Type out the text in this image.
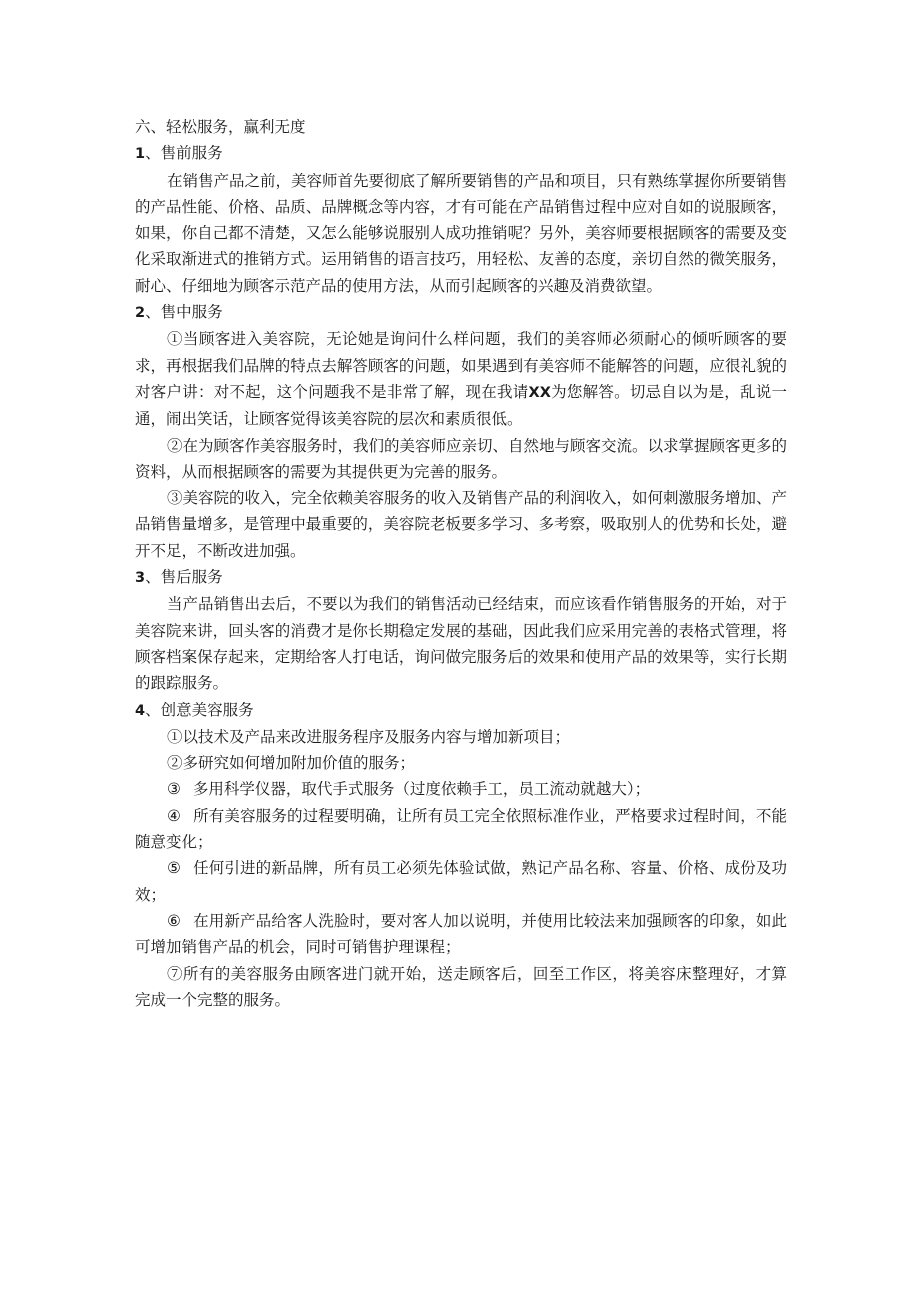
六、轻松服务，赢利无度

1、售前服务

在销售产品之前，美容师首先要彻底了解所要销售的产品和项目，只有熟练掌握你所要销售的产品性能、价格、品质、品牌概念等内容，才有可能在产品销售过程中应对自如的说服顾客，如果，你自己都不清楚，又怎么能够说服别人成功推销呢？另外，美容师要根据顾客的需要及变化采取渐进式的推销方式。运用销售的语言技巧，用轻松、友善的态度，亲切自然的微笑服务，耐心、仔细地为顾客示范产品的使用方法，从而引起顾客的兴趣及消费欲望。

2、售中服务

①当顾客进入美容院，无论她是询问什么样问题，我们的美容师必须耐心的倾听顾客的要求，再根据我们品牌的特点去解答顾客的问题，如果遇到有美容师不能解答的问题，应很礼貌的对客户讲：对不起，这个问题我不是非常了解，现在我请XX为您解答。切忌自以为是，乱说一通，闹出笑话，让顾客觉得该美容院的层次和素质很低。

②在为顾客作美容服务时，我们的美容师应亲切、自然地与顾客交流。以求掌握顾客更多的资料，从而根据顾客的需要为其提供更为完善的服务。

③美容院的收入，完全依赖美容服务的收入及销售产品的利润收入，如何刺激服务增加、产品销售量增多，是管理中最重要的，美容院老板要多学习、多考察，吸取别人的优势和长处，避开不足，不断改进加强。

3、售后服务

当产品销售出去后，不要以为我们的销售活动已经结束，而应该看作销售服务的开始，对于美容院来讲，回头客的消费才是你长期稳定发展的基础，因此我们应采用完善的表格式管理，将顾客档案保存起来，定期给客人打电话，询问做完服务后的效果和使用产品的效果等，实行长期的跟踪服务。

4、创意美容服务

①以技术及产品来改进服务程序及服务内容与增加新项目；

②多研究如何增加附加价值的服务；

③ 多用科学仪器，取代手式服务（过度依赖手工，员工流动就越大）；

④ 所有美容服务的过程要明确，让所有员工完全依照标准作业，严格要求过程时间，不能随意变化；

⑤ 任何引进的新品牌，所有员工必须先体验试做，熟记产品名称、容量、价格、成份及功效；

⑥ 在用新产品给客人洗脸时，要对客人加以说明，并使用比较法来加强顾客的印象，如此可增加销售产品的机会，同时可销售护理课程；

⑦所有的美容服务由顾客进门就开始，送走顾客后，回至工作区，将美容床整理好，才算完成一个完整的服务。
